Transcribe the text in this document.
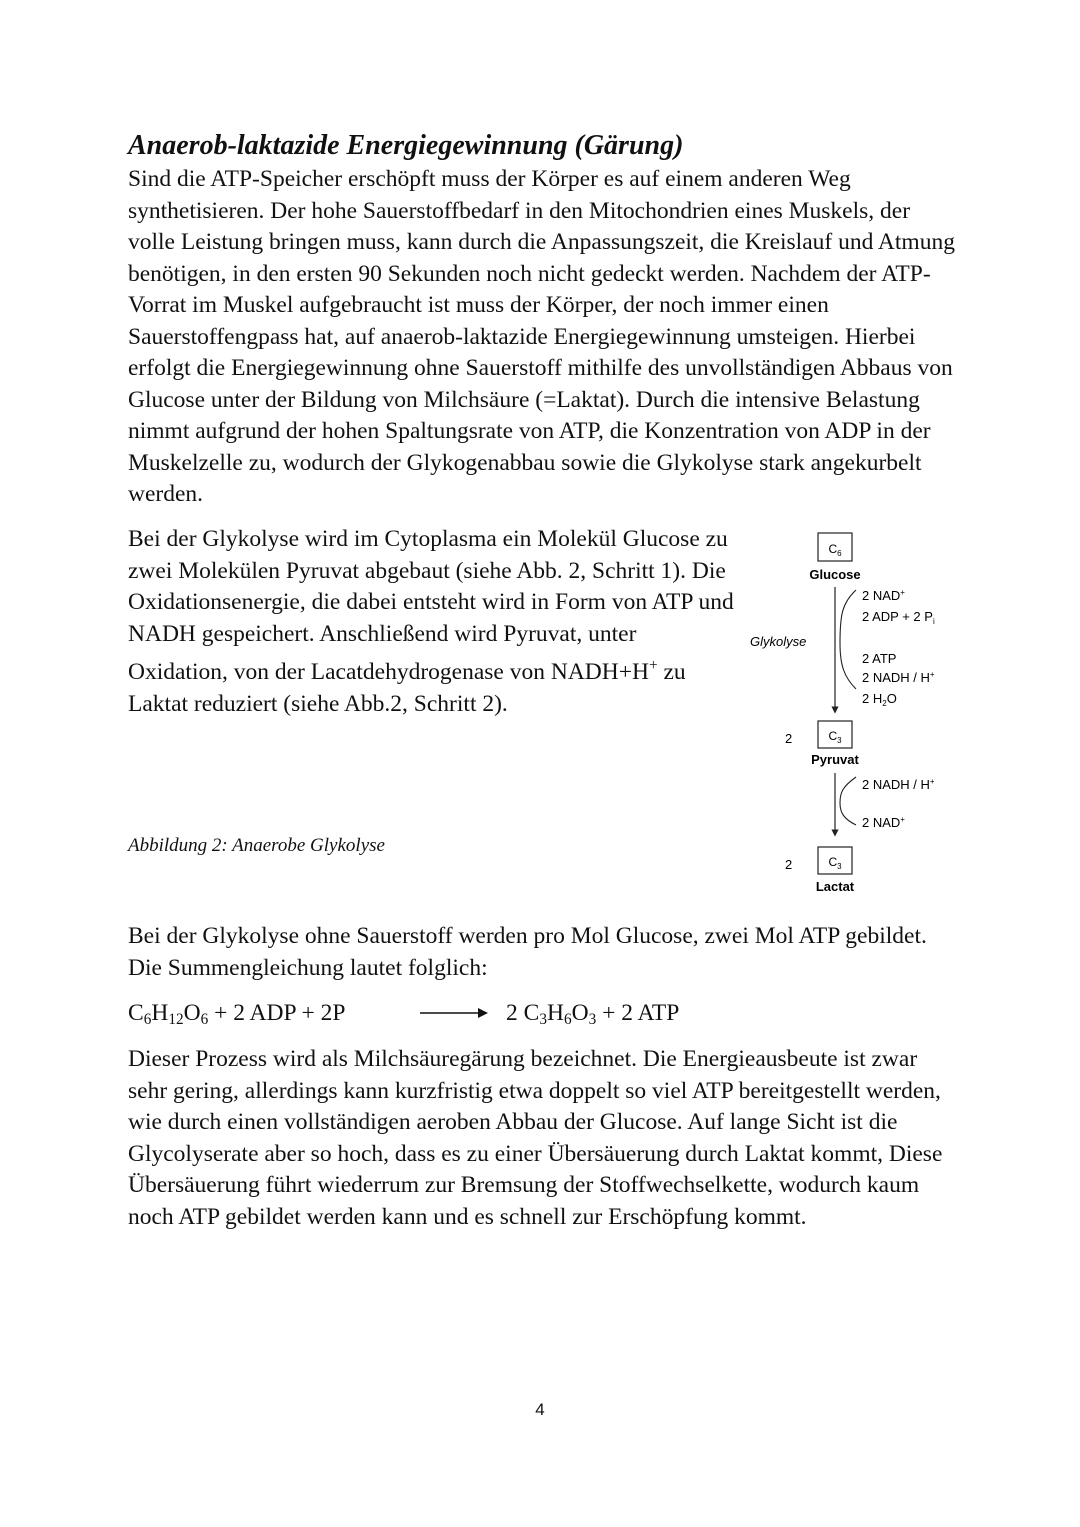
Anaerob-laktazide Energiegewinnung (Gärung)

Sind die ATP-Speicher erschöpft muss der Körper es auf einem anderen Weg synthetisieren. Der hohe Sauerstoffbedarf in den Mitochondrien eines Muskels, der volle Leistung bringen muss, kann durch die Anpassungszeit, die Kreislauf und Atmung benötigen, in den ersten 90 Sekunden noch nicht gedeckt werden. Nachdem der ATP-Vorrat im Muskel aufgebraucht ist muss der Körper, der noch immer einen Sauerstoffengpass hat, auf anaerob-laktazide Energiegewinnung umsteigen. Hierbei erfolgt die Energiegewinnung ohne Sauerstoff mithilfe des unvollständigen Abbaus von Glucose unter der Bildung von Milchsäure (=Laktat). Durch die intensive Belastung nimmt aufgrund der hohen Spaltungsrate von ATP, die Konzentration von ADP in der Muskelzelle zu, wodurch der Glykogenabbau sowie die Glykolyse stark angekurbelt werden.

Bei der Glykolyse wird im Cytoplasma ein Molekül Glucose zu zwei Molekülen Pyruvat abgebaut (siehe Abb. 2, Schritt 1). Die Oxidationsenergie, die dabei entsteht wird in Form von ATP und NADH gespeichert. Anschließend wird Pyruvat, unter Oxidation, von der Lacatdehydrogenase von NADH+H+ zu Laktat reduziert (siehe Abb.2, Schritt 2).

$C_6$
Glucose
Glykolyse
2 NAD+
2 ADP + 2 $P_i$
2 ATP
2 NADH / H+
2 $H_2O$
2	$C_3$
Pyruvat
2 NADH / H+
2 NAD+
2	$C_3$
Lactat
Abbildung 2: Anaerobe Glykolyse

Bei der Glykolyse ohne Sauerstoff werden pro Mol Glucose, zwei Mol ATP gebildet. Die Summengleichung lautet folglich:

$C_6H_{12}O_6 + 2$ ADP + 2P	→ 2 $C_3H_6O_3 + 2$ ATP

Dieser Prozess wird als Milchsäuregärung bezeichnet. Die Energieausbeute ist zwar sehr gering, allerdings kann kurzfristig etwa doppelt so viel ATP bereitgestellt werden, wie durch einen vollständigen aeroben Abbau der Glucose. Auf lange Sicht ist die Glycolyserate aber so hoch, dass es zu einer Übersäuerung durch Laktat kommt, Diese Übersäuerung führt wiederrum zur Bremsung der Stoffwechselkette, wodurch kaum noch ATP gebildet werden kann und es schnell zur Erschöpfung kommt.

4
